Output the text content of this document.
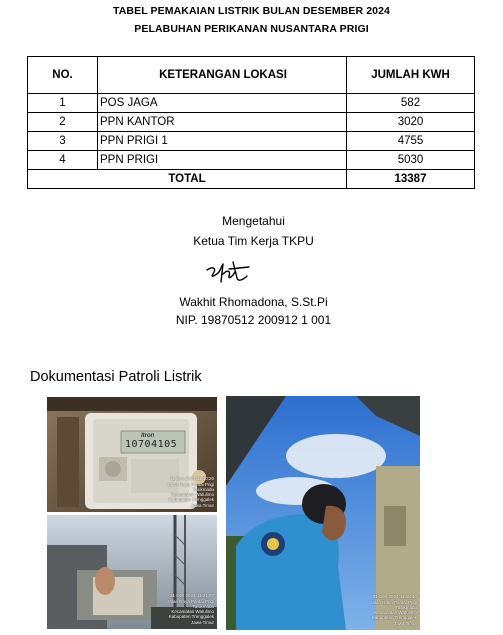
TABEL PEMAKAIAN LISTRIK BULAN DESEMBER 2024
PELABUHAN PERIKANAN NUSANTARA PRIGI
NO.	KETERANGAN LOKASI	JUMLAH KWH
1	POS JAGA	582
2	PPN KANTOR	3020
3	PPN PRIGI 1	4755
4	PPN PRIGI	5030
TOTAL		13387
Mengetahui
Ketua Tim Kerja TKPU
Wakhit Rhomadona, S.St.Pi
NIP. 19870512 200912 1 001
Dokumentasi Patroli Listrik
Itron
10704105
31 Des 2024 11:30:20
Jalan Raya Pantai Prigi
Tasikmadu
Kecamatan Watulimo
Kabupaten Trenggalek
Jawa Timur
31 Des 2024 11:31:07
Jalan Raya Pantai Prigi
Tasikmadu
Kecamatan Watulimo
Kabupaten Trenggalek
Jawa Timur
31 Des 2024 11:18:10
Jalan Raya Pantai Prigi
Tasikmadu
Kecamatan Watulimo
Kabupaten Trenggalek
Jawa Timur
